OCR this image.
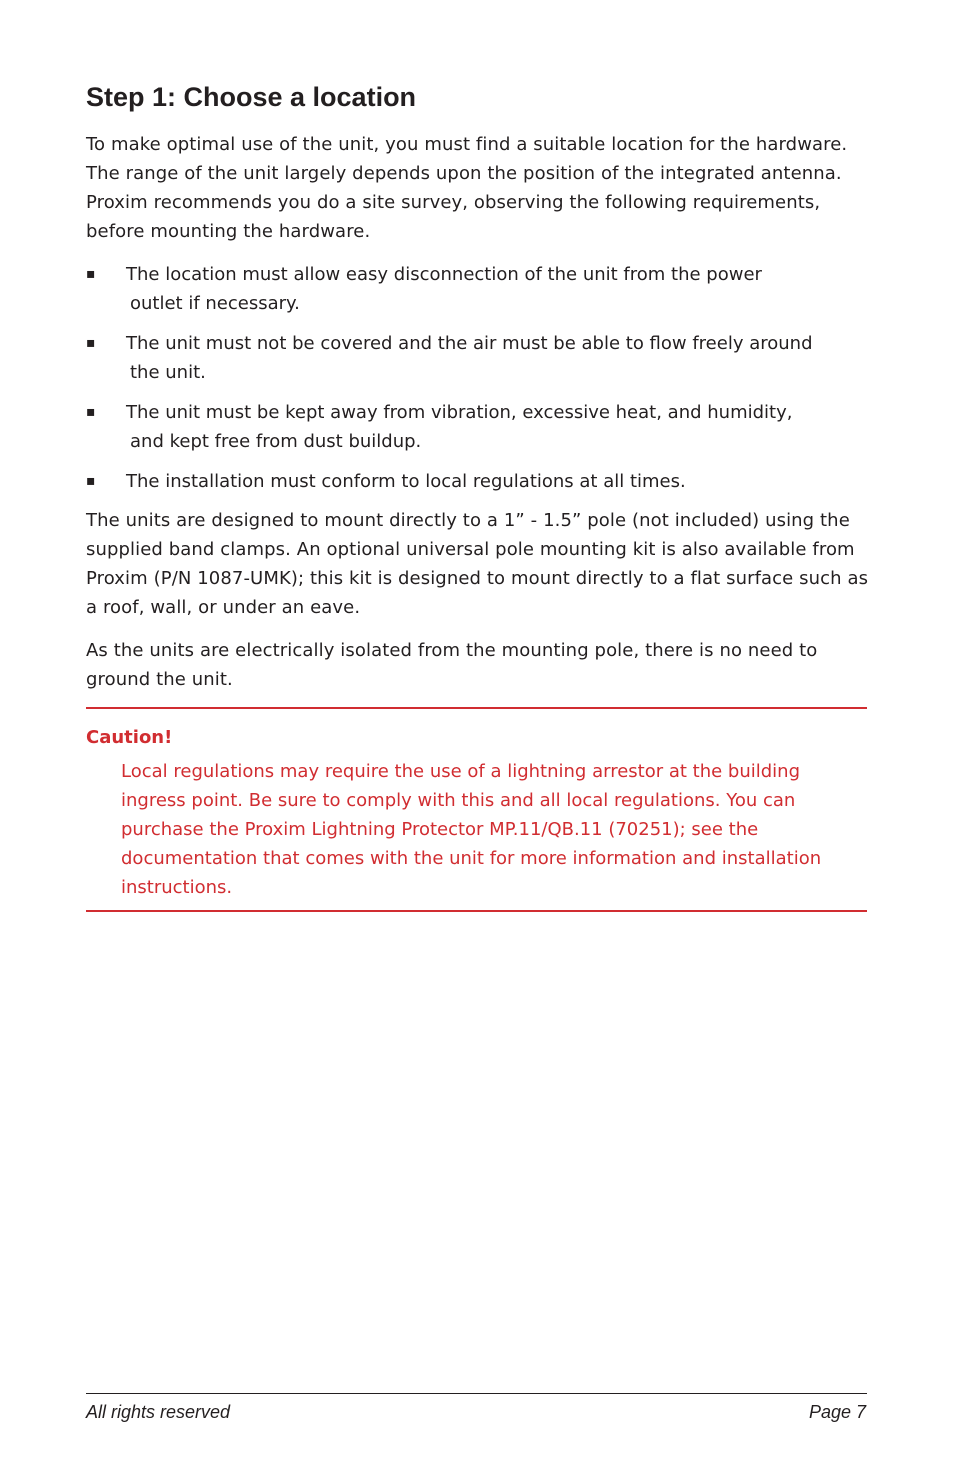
Step 1: Choose a location

To make optimal use of the unit, you must find a suitable location for the hardware. The range of the unit largely depends upon the position of the integrated antenna. Proxim recommends you do a site survey, observing the following requirements, before mounting the hardware.

▪ The location must allow easy disconnection of the unit from the power
outlet if necessary.
▪ The unit must not be covered and the air must be able to flow freely around
the unit.
▪ The unit must be kept away from vibration, excessive heat, and humidity,
and kept free from dust buildup.
▪ The installation must conform to local regulations at all times.

The units are designed to mount directly to a 1” - 1.5” pole (not included) using the supplied band clamps. An optional universal pole mounting kit is also available from Proxim (P/N 1087-UMK); this kit is designed to mount directly to a flat surface such as a roof, wall, or under an eave.

As the units are electrically isolated from the mounting pole, there is no need to ground the unit.

Caution!

Local regulations may require the use of a lightning arrestor at the building ingress point. Be sure to comply with this and all local regulations. You can purchase the Proxim Lightning Protector MP.11/QB.11 (70251); see the documentation that comes with the unit for more information and installation instructions.

All rights reserved	Page 7
